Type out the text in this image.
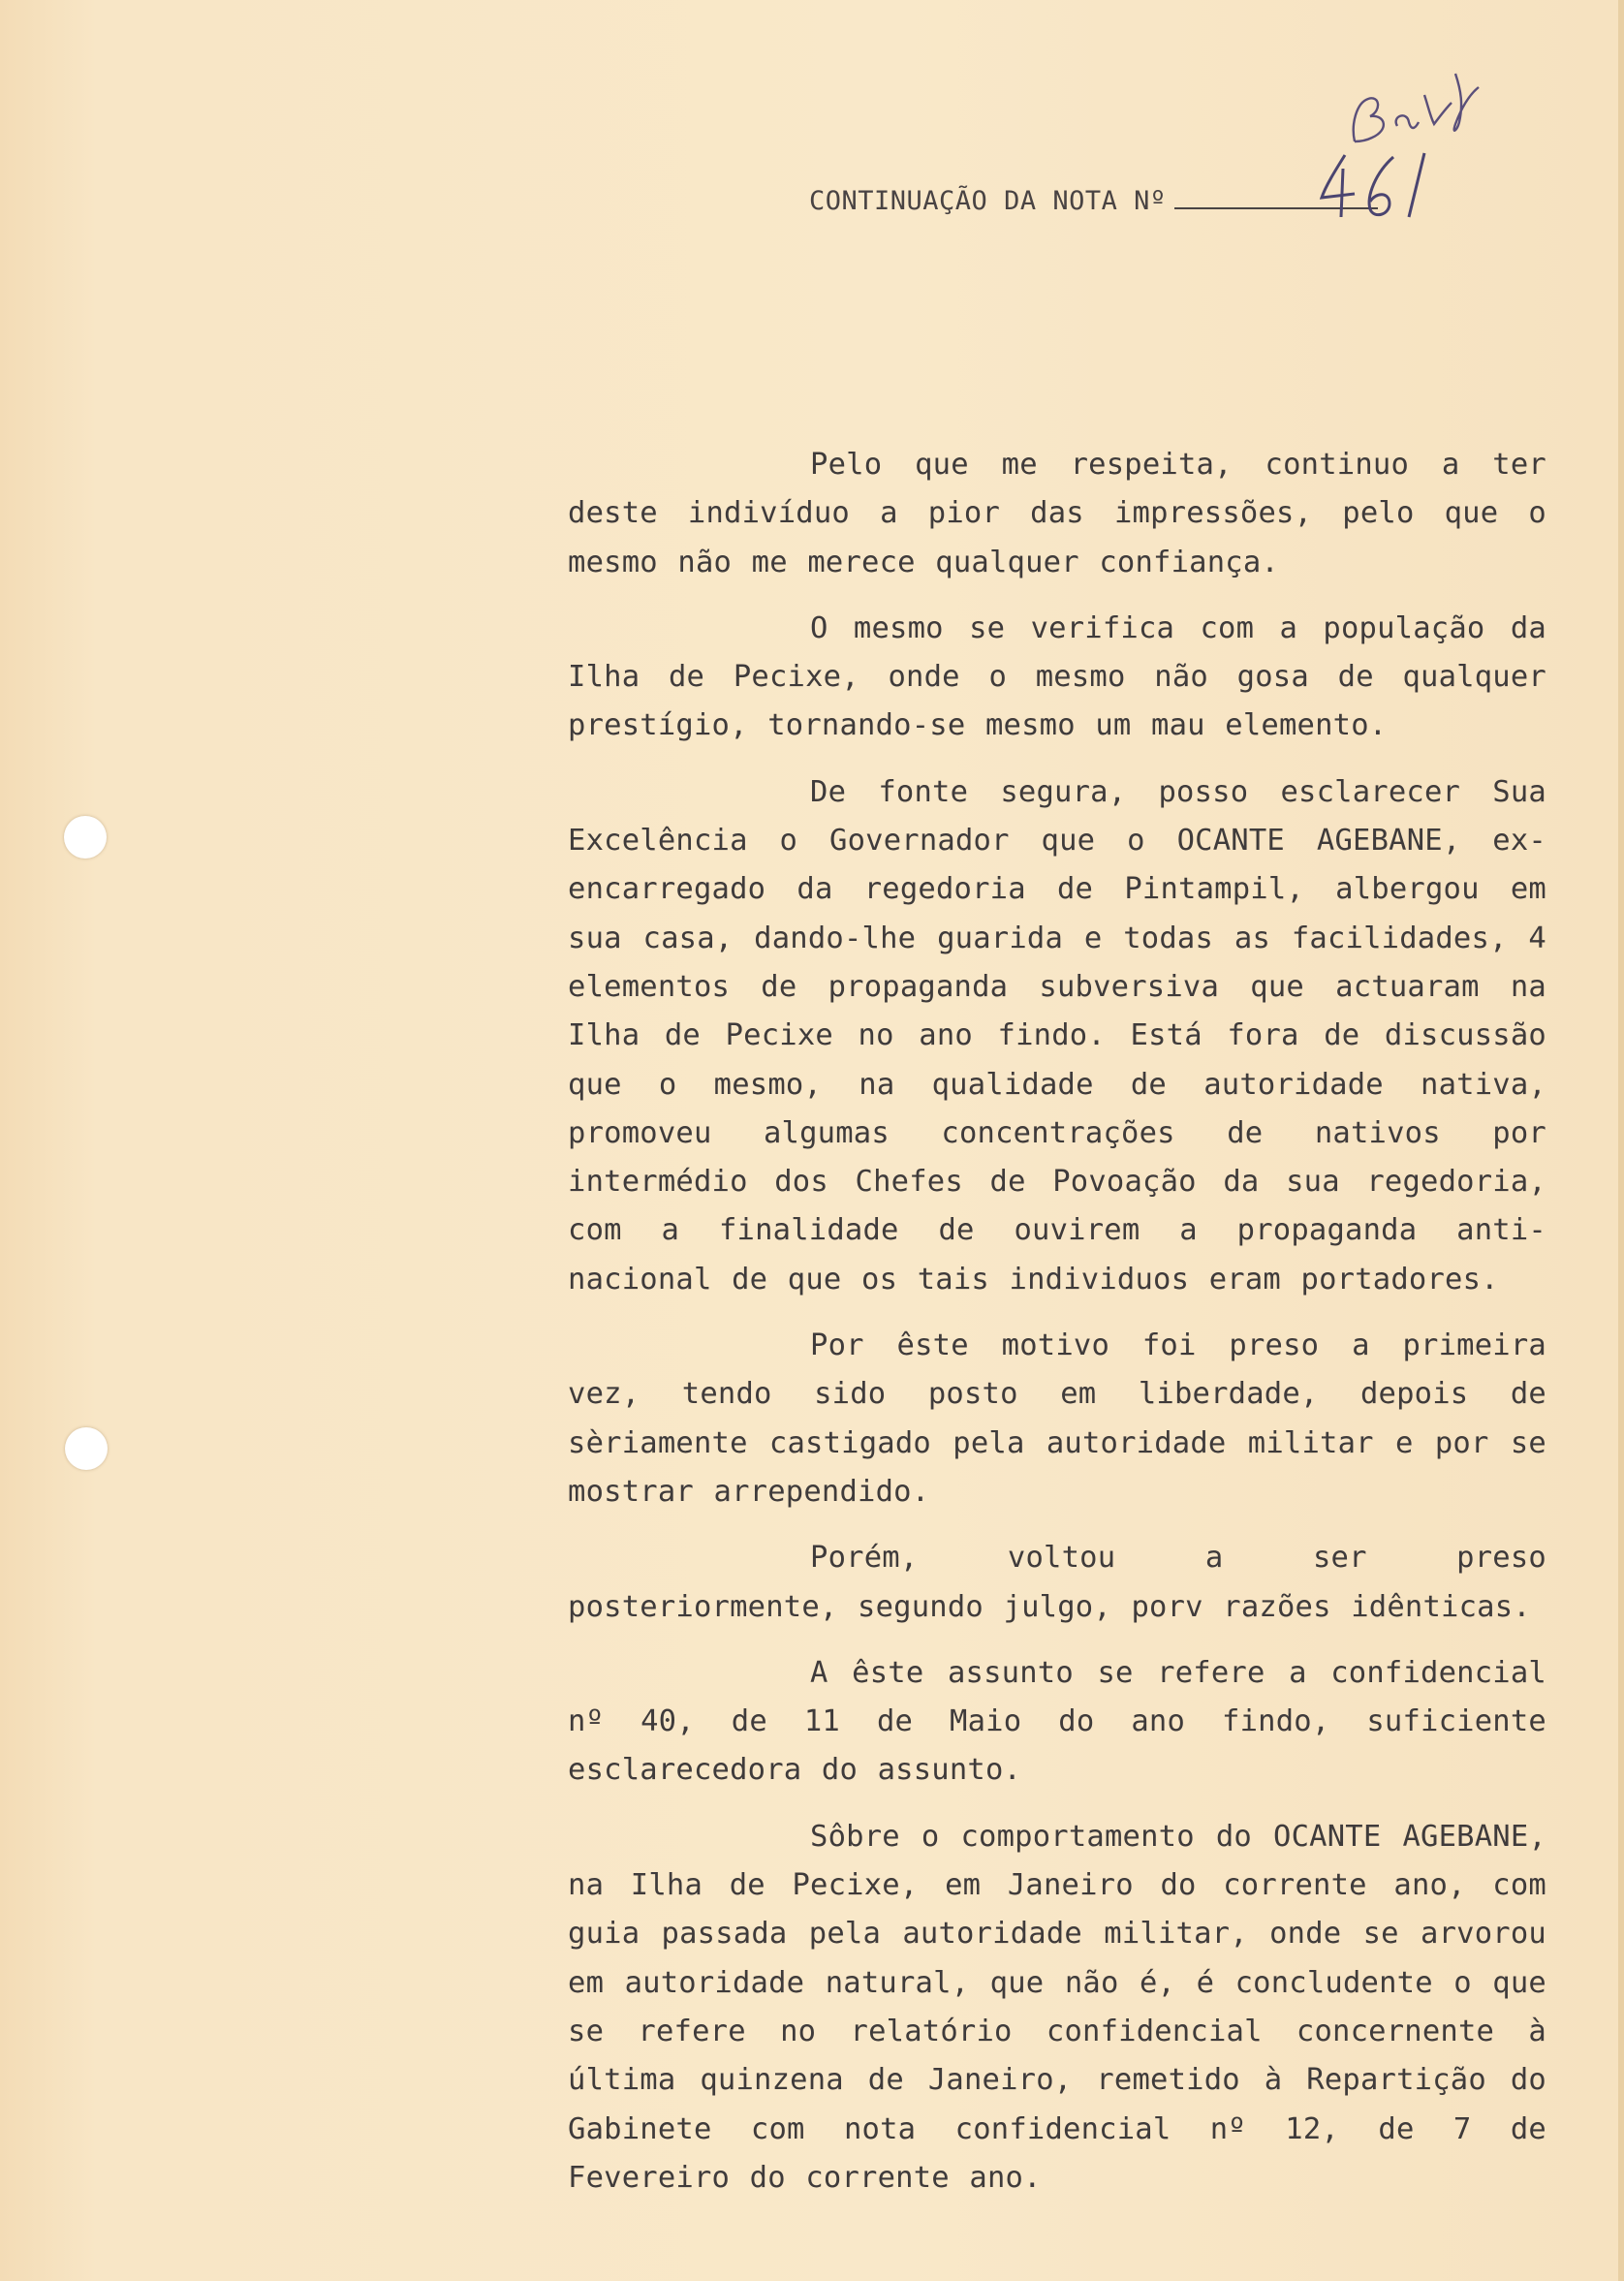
CONTINUAÇÃO DA NOTA Nº

Pelo que me respeita, continuo a ter deste indivíduo a pior das impressões, pelo que o mesmo não me merece qualquer confiança.

O mesmo se verifica com a população da Ilha de Pecixe, onde o mesmo não gosa de qualquer prestígio, tornando-se mesmo um mau elemento.

De fonte segura, posso esclarecer Sua Excelência o Governador que o OCANTE AGEBANE, ex-encarregado da regedoria de Pintampil, albergou em sua casa, dando-lhe guarida e todas as facilidades, 4 elementos de propaganda subversiva que actuaram na Ilha de Pecixe no ano findo. Está fora de discussão que o mesmo, na qualidade de autoridade nativa, promoveu algumas concentrações de nativos por intermédio dos Chefes de Povoação da sua regedoria, com a finalidade de ouvirem a propaganda anti-nacional de que os tais individuos eram portadores.

Por êste motivo foi preso a primeira vez, tendo sido posto em liberdade, depois de sèriamente castigado pela autoridade militar e por se mostrar arrependido.

Porém, voltou a ser preso posteriormente, segundo julgo, porv razões idênticas.

A êste assunto se refere a confidencial nº 40, de 11 de Maio do ano findo, suficiente esclarecedora do assunto.

Sôbre o comportamento do OCANTE AGEBANE, na Ilha de Pecixe, em Janeiro do corrente ano, com guia passada pela autoridade militar, onde se arvorou em autoridade natural, que não é, é concludente o que se refere no relatório confidencial concernente à última quinzena de Janeiro, remetido à Repartição do Gabinete com nota confidencial nº 12, de 7 de Fevereiro do corrente ano.
